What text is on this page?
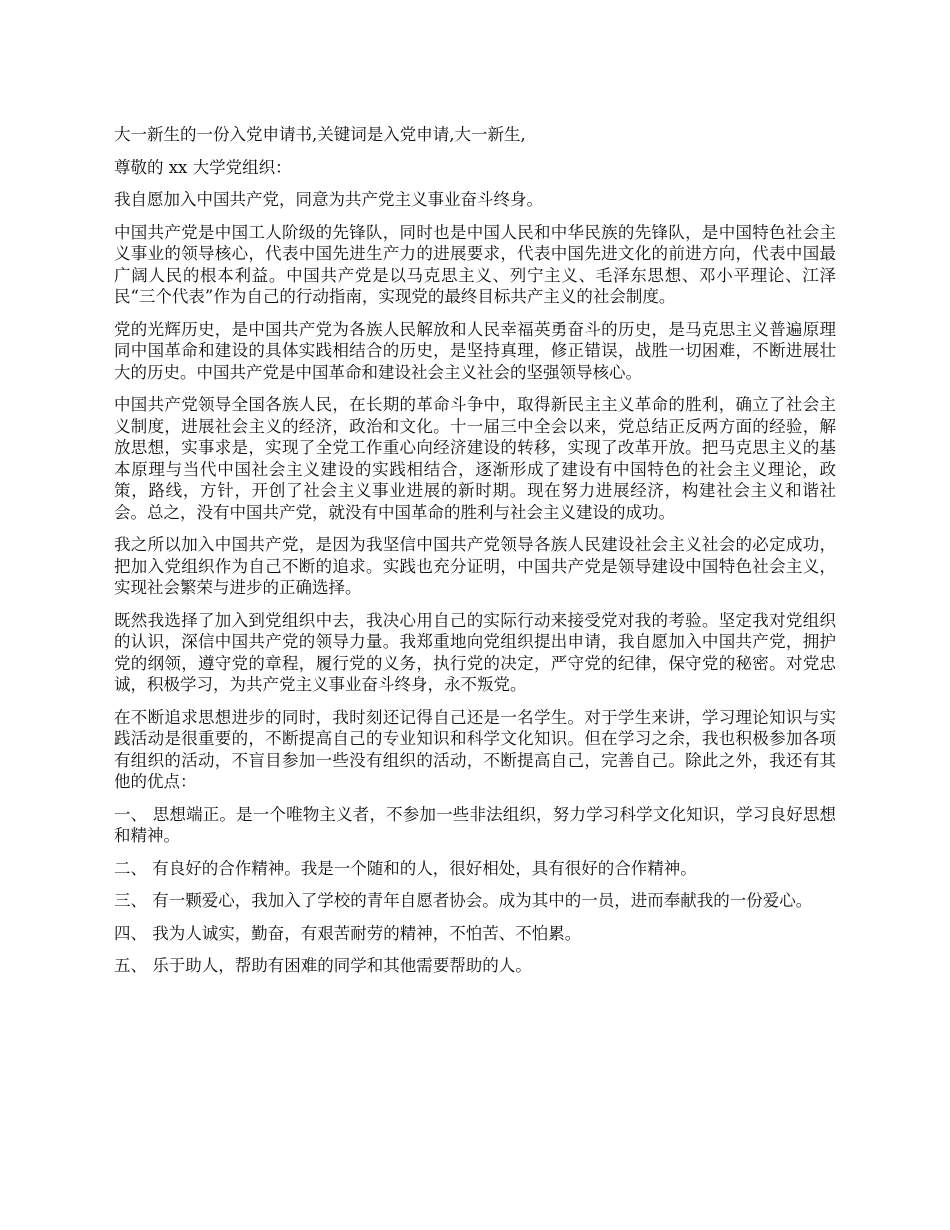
大一新生的一份入党申请书,关键词是入党申请,大一新生,

尊敬的 xx 大学党组织：

我自愿加入中国共产党，同意为共产党主义事业奋斗终身。

中国共产党是中国工人阶级的先锋队，同时也是中国人民和中华民族的先锋队，是中国特色社会主义事业的领导核心，代表中国先进生产力的进展要求，代表中国先进文化的前进方向，代表中国最广阔人民的根本利益。中国共产党是以马克思主义、列宁主义、毛泽东思想、邓小平理论、江泽民“三个代表”作为自己的行动指南，实现党的最终目标共产主义的社会制度。

党的光辉历史，是中国共产党为各族人民解放和人民幸福英勇奋斗的历史，是马克思主义普遍原理同中国革命和建设的具体实践相结合的历史，是坚持真理，修正错误，战胜一切困难，不断进展壮大的历史。中国共产党是中国革命和建设社会主义社会的坚强领导核心。

中国共产党领导全国各族人民，在长期的革命斗争中，取得新民主主义革命的胜利，确立了社会主义制度，进展社会主义的经济，政治和文化。十一届三中全会以来，党总结正反两方面的经验，解放思想，实事求是，实现了全党工作重心向经济建设的转移，实现了改革开放。把马克思主义的基本原理与当代中国社会主义建设的实践相结合，逐渐形成了建设有中国特色的社会主义理论，政策，路线，方针，开创了社会主义事业进展的新时期。现在努力进展经济，构建社会主义和谐社会。总之，没有中国共产党，就没有中国革命的胜利与社会主义建设的成功。

我之所以加入中国共产党，是因为我坚信中国共产党领导各族人民建设社会主义社会的必定成功，把加入党组织作为自己不断的追求。实践也充分证明，中国共产党是领导建设中国特色社会主义，实现社会繁荣与进步的正确选择。

既然我选择了加入到党组织中去，我决心用自己的实际行动来接受党对我的考验。坚定我对党组织的认识，深信中国共产党的领导力量。我郑重地向党组织提出申请，我自愿加入中国共产党，拥护党的纲领，遵守党的章程，履行党的义务，执行党的决定，严守党的纪律，保守党的秘密。对党忠诚，积极学习，为共产党主义事业奋斗终身，永不叛党。

在不断追求思想进步的同时，我时刻还记得自己还是一名学生。对于学生来讲，学习理论知识与实践活动是很重要的，不断提高自己的专业知识和科学文化知识。但在学习之余，我也积极参加各项有组织的活动，不盲目参加一些没有组织的活动，不断提高自己，完善自己。除此之外，我还有其他的优点：

一、 思想端正。是一个唯物主义者，不参加一些非法组织，努力学习科学文化知识，学习良好思想和精神。

二、 有良好的合作精神。我是一个随和的人，很好相处，具有很好的合作精神。

三、 有一颗爱心，我加入了学校的青年自愿者协会。成为其中的一员，进而奉献我的一份爱心。

四、 我为人诚实，勤奋，有艰苦耐劳的精神，不怕苦、不怕累。

五、 乐于助人，帮助有困难的同学和其他需要帮助的人。
